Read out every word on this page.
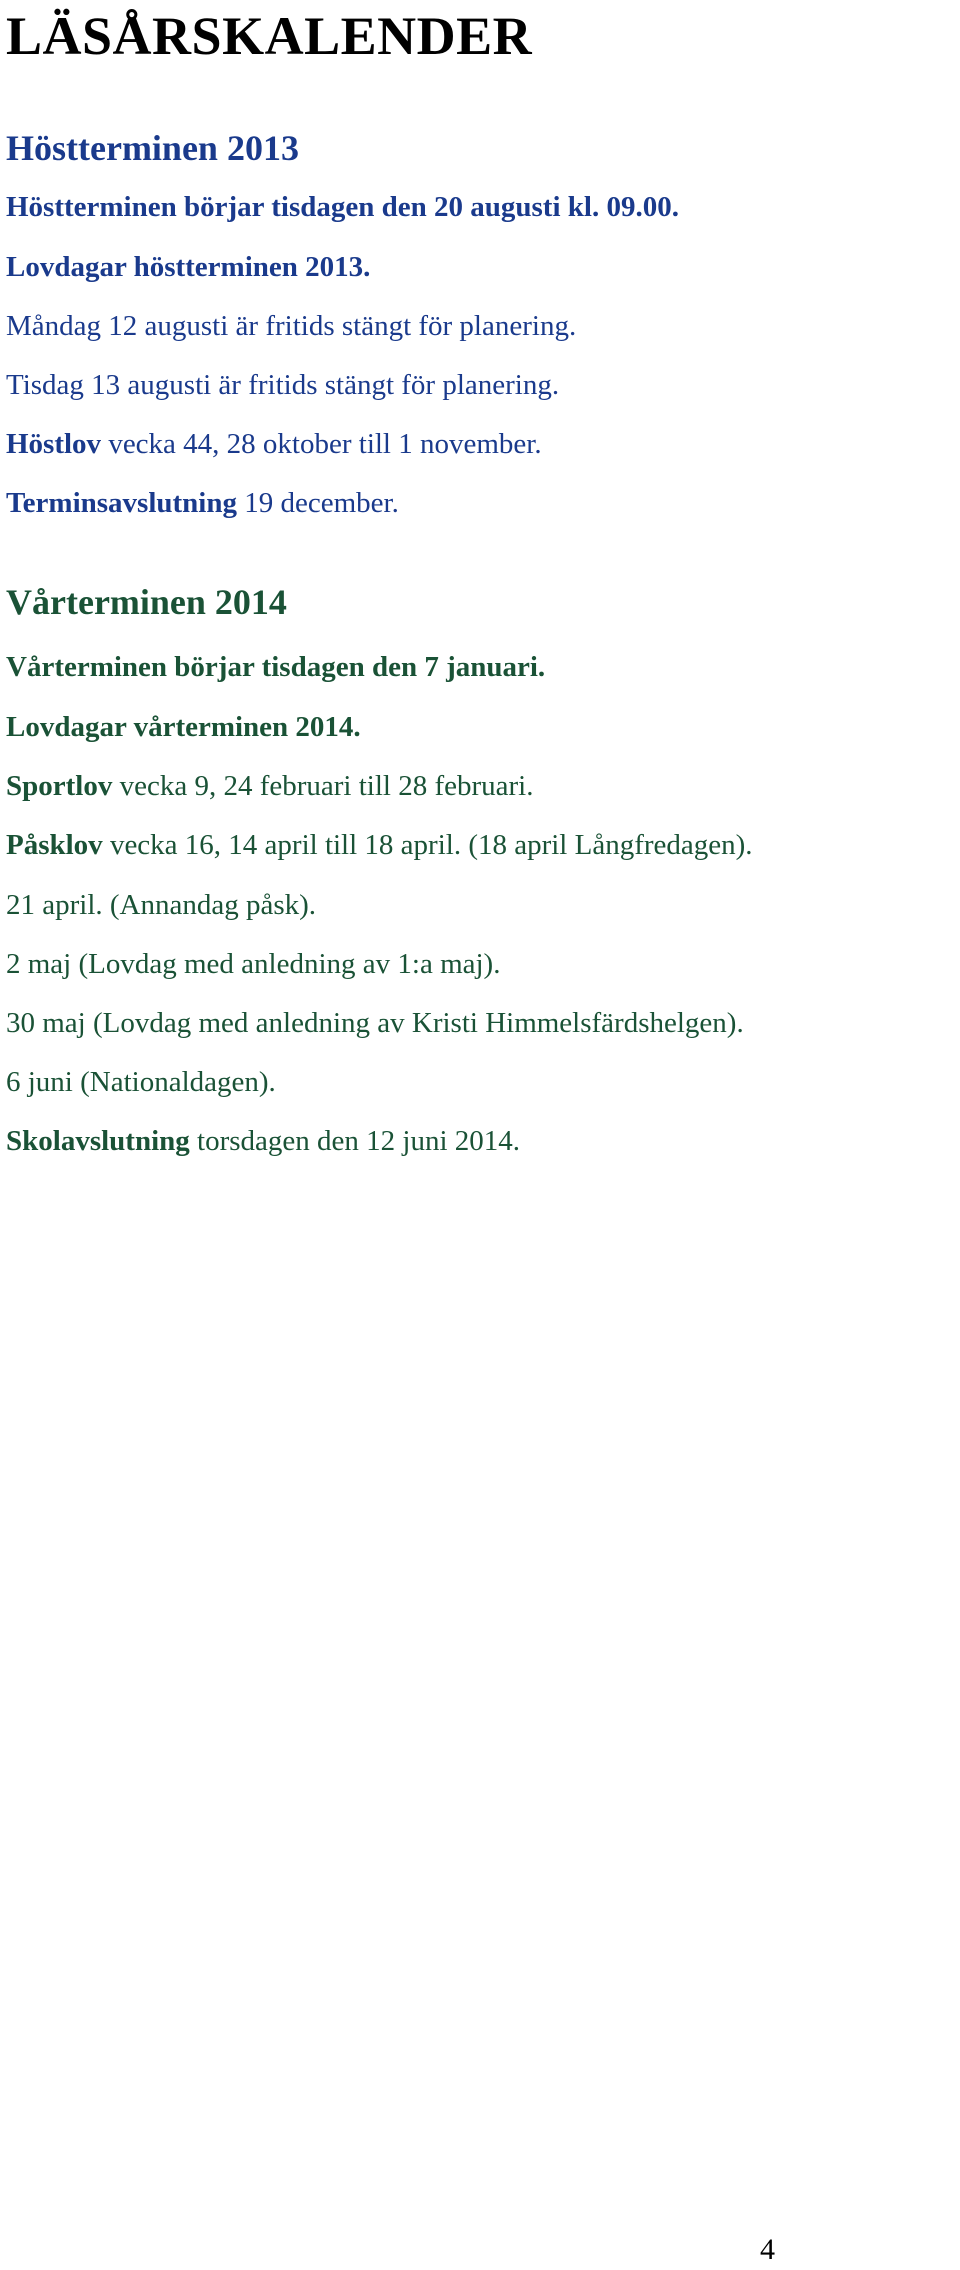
LÄSÅRSKALENDER
Höstterminen 2013

Höstterminen börjar tisdagen den 20 augusti kl. 09.00.

Lovdagar höstterminen 2013.

Måndag 12 augusti är fritids stängt för planering.

Tisdag 13 augusti är fritids stängt för planering.

Höstlov vecka 44, 28 oktober till 1 november.

Terminsavslutning 19 december.

Vårterminen 2014

Vårterminen börjar tisdagen den 7 januari.

Lovdagar vårterminen 2014.

Sportlov vecka 9, 24 februari till 28 februari.

Påsklov vecka 16, 14 april till 18 april. (18 april Långfredagen).

21 april. (Annandag påsk).

2 maj (Lovdag med anledning av 1:a maj).

30 maj (Lovdag med anledning av Kristi Himmelsfärdshelgen).

6 juni (Nationaldagen).

Skolavslutning torsdagen den 12 juni 2014.

4
